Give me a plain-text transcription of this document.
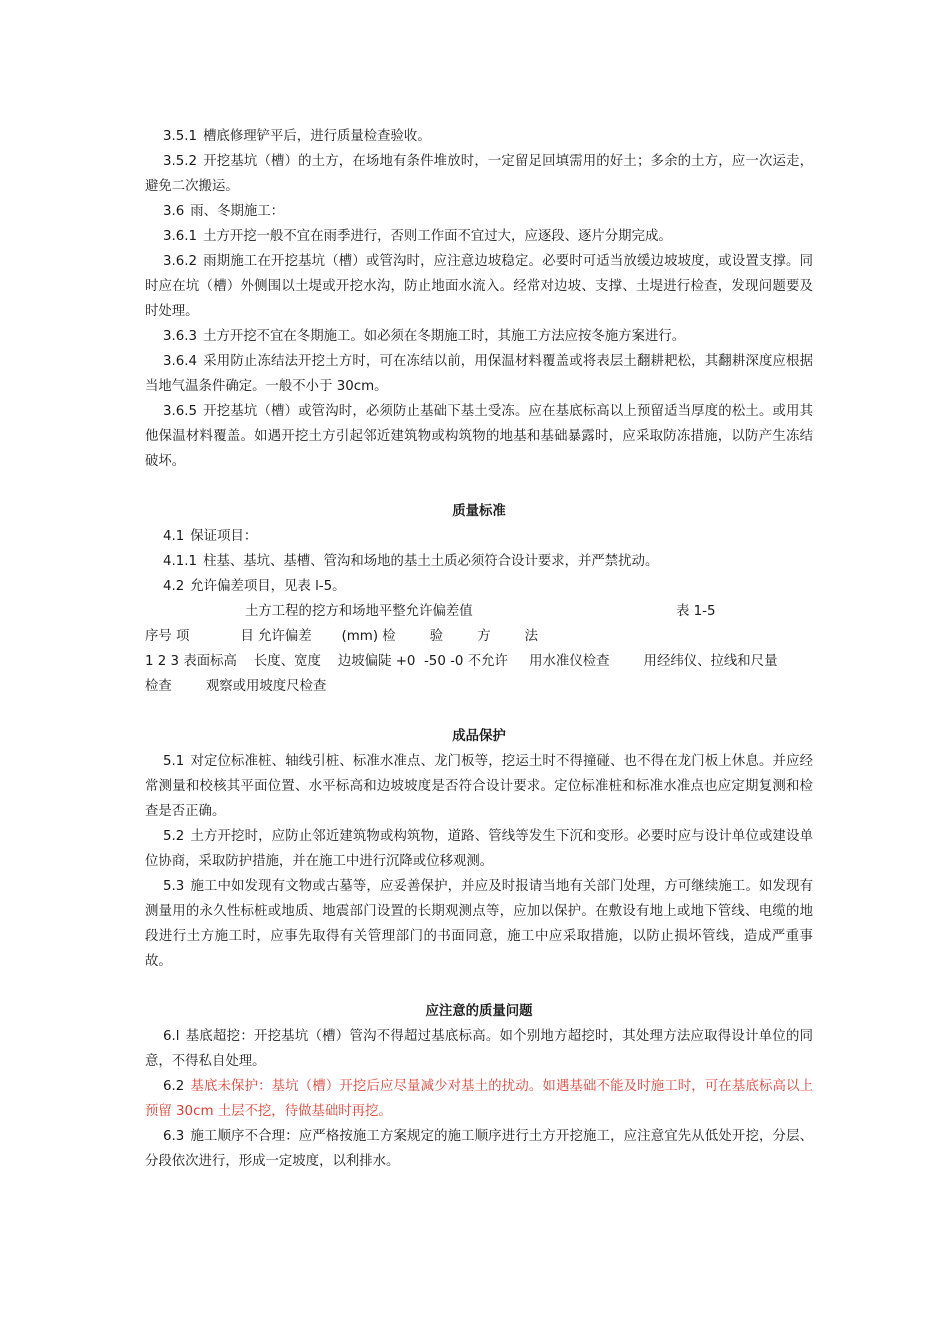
3.5.1 槽底修理铲平后，进行质量检查验收。

3.5.2 开挖基坑（槽）的土方，在场地有条件堆放时，一定留足回填需用的好土；多余的土方，应一次运走，避免二次搬运。

3.6 雨、冬期施工：

3.6.1 土方开挖一般不宜在雨季进行，否则工作面不宜过大，应逐段、逐片分期完成。

3.6.2 雨期施工在开挖基坑（槽）或管沟时，应注意边坡稳定。必要时可适当放缓边坡坡度，或设置支撑。同时应在坑（槽）外侧围以土堤或开挖水沟，防止地面水流入。经常对边坡、支撑、土堤进行检查，发现问题要及时处理。

3.6.3 土方开挖不宜在冬期施工。如必须在冬期施工时，其施工方法应按冬施方案进行。

3.6.4 采用防止冻结法开挖土方时，可在冻结以前，用保温材料覆盖或将表层土翻耕耙松，其翻耕深度应根据当地气温条件确定。一般不小于 30cm。

3.6.5 开挖基坑（槽）或管沟时，必须防止基础下基土受冻。应在基底标高以上预留适当厚度的松土。或用其他保温材料覆盖。如遇开挖土方引起邻近建筑物或构筑物的地基和基础暴露时，应采取防冻措施，以防产生冻结破坏。

质量标准

4.1 保证项目：

4.1.1 柱基、基坑、基槽、管沟和场地的基土土质必须符合设计要求，并严禁扰动。

4.2 允许偏差项目，见表 l-5。

土方工程的挖方和场地平整允许偏差值	表 1-5
序号 项            目 允许偏差       (mm) 检        验        方        法
1 2 3 表面标高    长度、宽度    边坡偏陡 +0  -50 -0 不允许     用水准仪检查        用经纬仪、拉线和尺量
检查        观察或用坡度尺检查

成品保护

5.1 对定位标准桩、轴线引桩、标准水准点、龙门板等，挖运土时不得撞碰、也不得在龙门板上休息。并应经常测量和校核其平面位置、水平标高和边坡坡度是否符合设计要求。定位标准桩和标准水准点也应定期复测和检查是否正确。

5.2 土方开挖时，应防止邻近建筑物或构筑物，道路、管线等发生下沉和变形。必要时应与设计单位或建设单位协商，采取防护措施，并在施工中进行沉降或位移观测。

5.3 施工中如发现有文物或古墓等，应妥善保护，并应及时报请当地有关部门处理，方可继续施工。如发现有测量用的永久性标桩或地质、地震部门设置的长期观测点等，应加以保护。在敷设有地上或地下管线、电缆的地段进行土方施工时，应事先取得有关管理部门的书面同意，施工中应采取措施，以防止损坏管线，造成严重事故。

应注意的质量问题

6.l 基底超挖：开挖基坑（槽）管沟不得超过基底标高。如个别地方超挖时，其处理方法应取得设计单位的同意，不得私自处理。

6.2 基底未保护：基坑（槽）开挖后应尽量减少对基土的扰动。如遇基础不能及时施工时，可在基底标高以上预留 30cm 土层不挖，待做基础时再挖。

6.3 施工顺序不合理：应严格按施工方案规定的施工顺序进行土方开挖施工，应注意宜先从低处开挖，分层、分段依次进行，形成一定坡度，以利排水。
